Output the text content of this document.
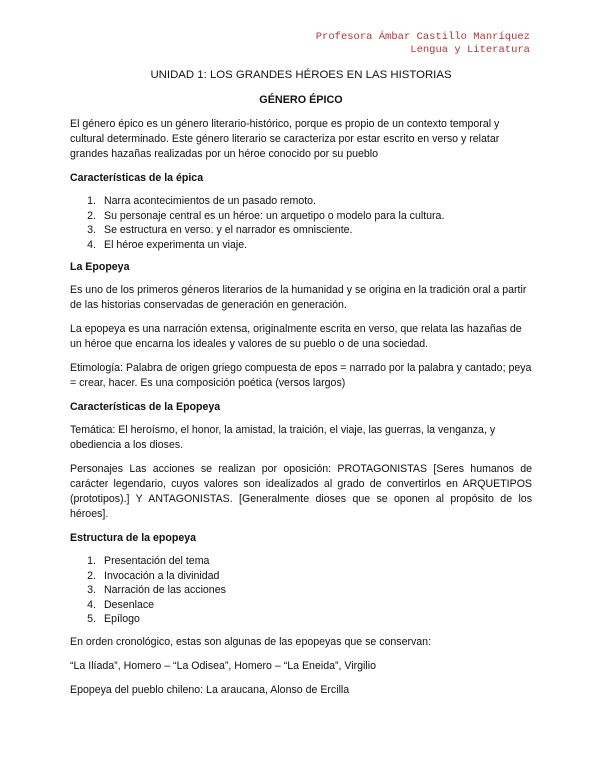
Profesora Ámbar Castillo Manríquez
Lengua y Literatura
UNIDAD 1: LOS GRANDES HÉROES EN LAS HISTORIAS
GÉNERO ÉPICO

El género épico es un género literario-histórico, porque es propio de un contexto temporal y cultural determinado. Este género literario se caracteriza por estar escrito en verso y relatar grandes hazañas realizadas por un héroe conocido por su pueblo

Características de la épica
1. Narra acontecimientos de un pasado remoto.
2. Su personaje central es un héroe: un arquetipo o modelo para la cultura.
3. Se estructura en verso. y el narrador es omnisciente.
4. El héroe experimenta un viaje.
La Epopeya

Es uno de los primeros géneros literarios de la humanidad y se origina en la tradición oral a partir de las historias conservadas de generación en generación.

La epopeya es una narración extensa, originalmente escrita en verso, que relata las hazañas de un héroe que encarna los ideales y valores de su pueblo o de una sociedad.

Etimología: Palabra de origen griego compuesta de epos = narrado por la palabra y cantado; peya = crear, hacer. Es una composición poética (versos largos)

Características de la Epopeya

Temática: El heroísmo, el honor, la amistad, la traición, el viaje, las guerras, la venganza, y obediencia a los dioses.

Personajes Las acciones se realizan por oposición: PROTAGONISTAS [Seres humanos de carácter legendario, cuyos valores son idealizados al grado de convertirlos en ARQUETIPOS (prototipos).] Y ANTAGONISTAS. [Generalmente dioses que se oponen al propósito de los héroes].

Estructura de la epopeya
1. Presentación del tema
2. Invocación a la divinidad
3. Narración de las acciones
4. Desenlace
5. Epílogo

En orden cronológico, estas son algunas de las epopeyas que se conservan:

“La Ilíada”, Homero – “La Odisea”, Homero – “La Eneida”, Virgilio

Epopeya del pueblo chileno: La araucana, Alonso de Ercilla
